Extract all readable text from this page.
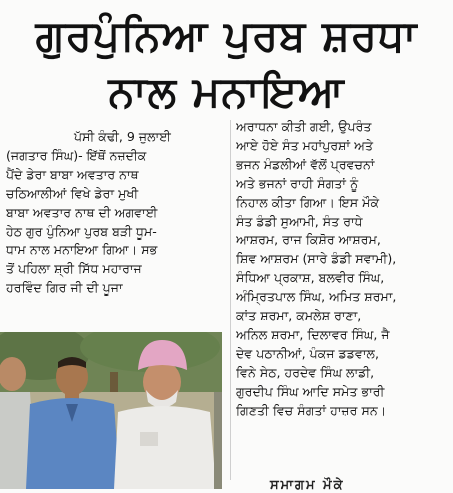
ਗੁਰਪੁੰਨਿਆ ਪੁਰਬ ਸ਼ਰਧਾ
ਨਾਲ ਮਨਾਇਆ
ਪੱਸੀ ਕੰਢੀ, 9 ਜੁਲਾਈ
(ਜਗਤਾਰ ਸਿੰਘ)- ਇੱਥੋਂ ਨਜ਼ਦੀਕ
ਪੈਂਦੇ ਡੇਰਾ ਬਾਬਾ ਅਵਤਾਰ ਨਾਥ
ਚਠਿਆਲੀਆਂ ਵਿਖੇ ਡੇਰਾ ਮੁਖੀ
ਬਾਬਾ ਅਵਤਾਰ ਨਾਥ ਦੀ ਅਗਵਾਈ
ਹੇਠ ਗੁਰ ਪੁੰਨਿਆ ਪੁਰਬ ਬੜੀ ਧੂਮ-
ਧਾਮ ਨਾਲ ਮਨਾਇਆ ਗਿਆ। ਸਭ
ਤੋਂ ਪਹਿਲਾ ਸ਼੍ਰੀ ਸਿੱਧ ਮਹਾਰਾਜ
ਹਰਵਿੰਦ ਗਿਰ ਜੀ ਦੀ ਪੂਜਾ
ਅਰਾਧਨਾ ਕੀਤੀ ਗਈ, ਉਪਰੰਤ
ਆਏ ਹੋਏ ਸੰਤ ਮਹਾਂਪੁਰਸ਼ਾਂ ਅਤੇ
ਭਜਨ ਮੰਡਲੀਆਂ ਵੱਲੋਂ ਪ੍ਰਵਚਨਾਂ
ਅਤੇ ਭਜਨਾਂ ਰਾਹੀ ਸੰਗਤਾਂ ਨੂੰ
ਨਿਹਾਲ ਕੀਤਾ ਗਿਆ। ਇਸ ਮੌਕੇ
ਸੰਤ ਡੰਡੀ ਸੁਆਮੀ, ਸੰਤ ਰਾਧੇ
ਆਸ਼ਰਮ, ਰਾਜ ਕਿਸ਼ੋਰ ਆਸ਼ਰਮ,
ਸ਼ਿਵ ਆਸ਼ਰਮ (ਸਾਰੇ ਡੰਡੀ ਸਵਾਮੀ),
ਸੰਧਿਆ ਪ੍ਰਕਾਸ਼, ਬਲਵੀਰ ਸਿੰਘ,
ਅੰਮ੍ਰਿਤਪਾਲ ਸਿੰਘ, ਅਮਿਤ ਸ਼ਰਮਾ,
ਕਾਂਤ ਸ਼ਰਮਾ, ਕਮਲੇਸ਼ ਰਾਣਾ,
ਅਨਿਲ ਸ਼ਰਮਾ, ਦਿਲਾਵਰ ਸਿੰਘ, ਜੈ
ਦੇਵ ਪਠਾਨੀਆਂ, ਪੰਕਜ ਡਡਵਾਲ,
ਵਿਨੇ ਸੇਠ, ਹਰਦੇਵ ਸਿੰਘ ਲਾਡੀ,
ਗੁਰਦੀਪ ਸਿੰਘ ਆਦਿ ਸਮੇਤ ਭਾਰੀ
ਗਿਣਤੀ ਵਿਚ ਸੰਗਤਾਂ ਹਾਜ਼ਰ ਸਨ।
ਸਮਾਗਮ ਮੌਕੇ
